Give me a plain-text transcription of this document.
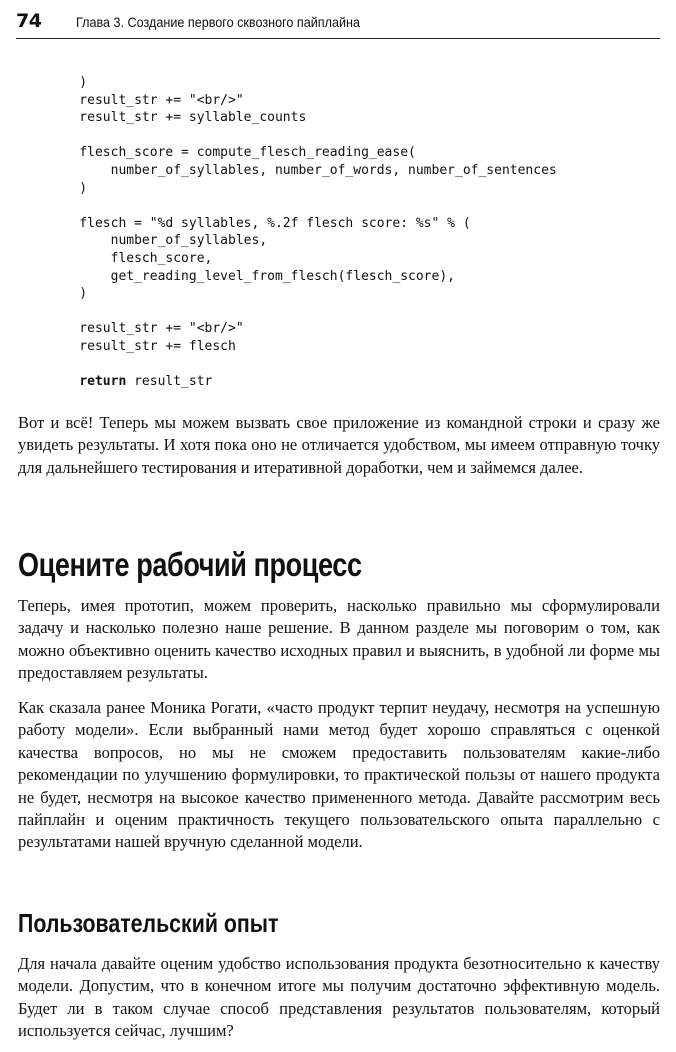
74 Глава 3. Создание первого сквозного пайплайна
)
result_str += "<br/>"
result_str += syllable_counts

flesch_score = compute_flesch_reading_ease(
number_of_syllables, number_of_words, number_of_sentences
)

flesch = "%d syllables, %.2f flesch score: %s" % (
number_of_syllables,
flesch_score,
get_reading_level_from_flesch(flesch_score),
)

result_str += "<br/>"
result_str += flesch

return result_str

Вот и всё! Теперь мы можем вызвать свое приложение из командной строки и сразу же увидеть результаты. И хотя пока оно не отличается удобством, мы имеем отправную точку для дальнейшего тестирования и итеративной доработки, чем и займемся далее.

Оцените рабочий процесс

Теперь, имея прототип, можем проверить, насколько правильно мы сформулировали задачу и насколько полезно наше решение. В данном разделе мы поговорим о том, как можно объективно оценить качество исходных правил и выяснить, в удобной ли форме мы предоставляем результаты.

Как сказала ранее Моника Рогати, «часто продукт терпит неудачу, несмотря на успешную работу модели». Если выбранный нами метод будет хорошо справляться с оценкой качества вопросов, но мы не сможем предоставить пользователям какие-либо рекомендации по улучшению формулировки, то практической пользы от нашего продукта не будет, несмотря на высокое качество примененного метода. Давайте рассмотрим весь пайплайн и оценим практичность текущего пользовательского опыта параллельно с результатами нашей вручную сделанной модели.

Пользовательский опыт

Для начала давайте оценим удобство использования продукта безотносительно к качеству модели. Допустим, что в конечном итоге мы получим достаточно эффективную модель. Будет ли в таком случае способ представления результатов пользователям, который используется сейчас, лучшим?
